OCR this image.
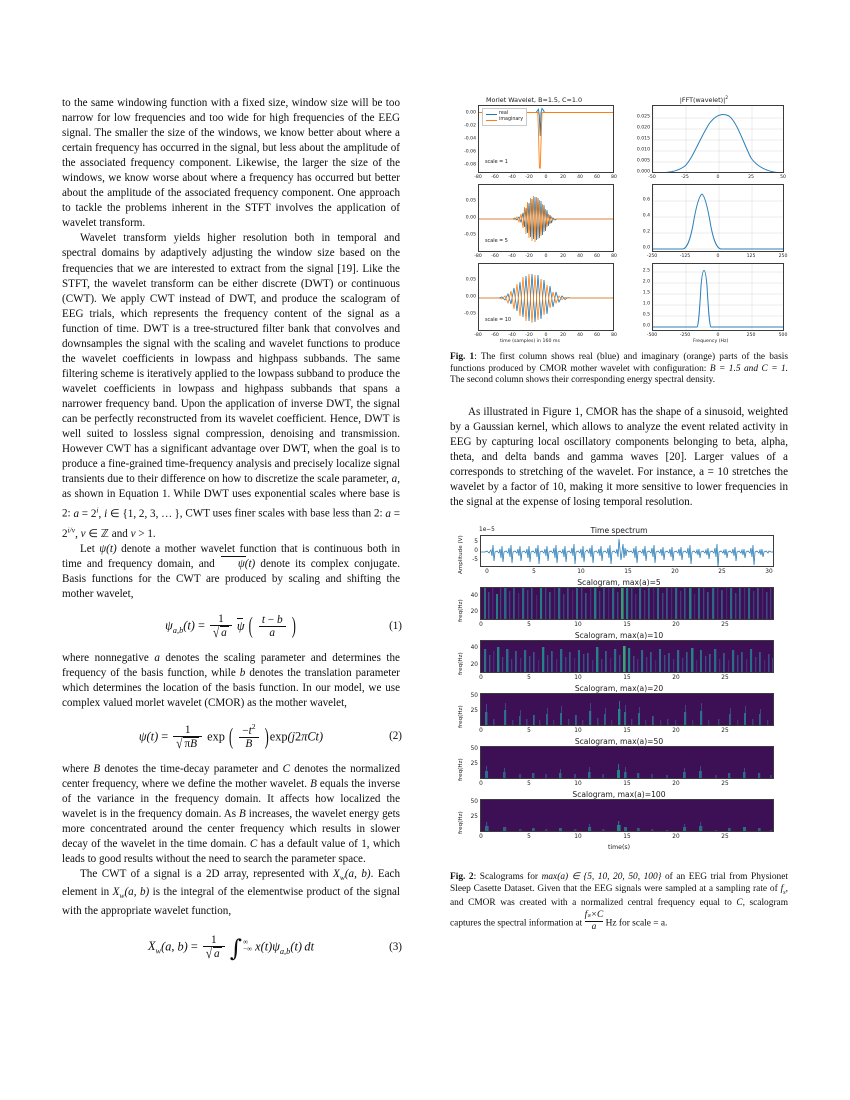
to the same windowing function with a fixed size, window size will be too narrow for low frequencies and too wide for high frequencies of the EEG signal. The smaller the size of the windows, we know better about where a certain frequency has occurred in the signal, but less about the amplitude of the associated frequency component. Likewise, the larger the size of the windows, we know worse about where a frequency has occurred but better about the amplitude of the associated frequency component. One approach to tackle the problems inherent in the STFT involves the application of wavelet transform.

Wavelet transform yields higher resolution both in temporal and spectral domains by adaptively adjusting the window size based on the frequencies that we are interested to extract from the signal [19]. Like the STFT, the wavelet transform can be either discrete (DWT) or continuous (CWT). We apply CWT instead of DWT, and produce the scalogram of EEG trials, which represents the frequency content of the signal as a function of time. DWT is a tree-structured filter bank that convolves and downsamples the signal with the scaling and wavelet functions to produce the wavelet coefficients in lowpass and highpass subbands. The same filtering scheme is iteratively applied to the lowpass subband to produce the wavelet coefficients in lowpass and highpass subbands that spans a narrower frequency band. Upon the application of inverse DWT, the signal can be perfectly reconstructed from its wavelet coefficient. Hence, DWT is well suited to lossless signal compression, denoising and transmission. However CWT has a significant advantage over DWT, when the goal is to produce a fine-grained time-frequency analysis and precisely localize signal transients due to their difference on how to discretize the scale parameter, a, as shown in Equation 1. While DWT uses exponential scales where base is 2: $a = 2^i$, i ∈ {1, 2, 3, … }, CWT uses finer scales with base less than 2: $a = 2^{i/v}$, v ∈ ℤ and v > 1.

Let ψ(t) denote a mother wavelet function that is continuous both in time and frequency domain, and ψ(t) denote its complex conjugate. Basis functions for the CWT are produced by scaling and shifting the mother wavelet,

$\psi_{a,b}(t) = \frac{1}{√ a}$ ψ ( $\frac{t - b}{a}$ )	(1)

where nonnegative a denotes the scaling parameter and determines the frequency of the basis function, while b denotes the translation parameter which determines the location of the basis function. In our model, we use complex valued morlet wavelet (CMOR) as the mother wavelet,

$\psi(t) = \frac{1}{√ \pi B}$ exp ( $\frac{-t^2}{B} )\exp(j2\pi Ct)$	(2)

where B denotes the time-decay parameter and C denotes the normalized center frequency, where we define the mother wavelet. B equals the inverse of the variance in the frequency domain. It affects how localized the wavelet is in the frequency domain. As B increases, the wavelet energy gets more concentrated around the center frequency which results in slower decay of the wavelet in the time domain. C has a default value of 1, which leads to good results without the need to search the parameter space.

The CWT of a signal is a 2D array, represented with $X_w(a$, b). Each element in $X_w(a$, b) is the integral of the elementwise product of the signal with the appropriate wavelet function,

$X_w(a$, $b) = \frac{1}{√ a}$ ∫ ∞
−∞ $x(t)\psi_{a,b}(t)$ dt	(3)
Morlet Wavelet, B=1.5, C=1.0	$|FFT(wavelet)|^2$
real
imaginary
scale = 1
0.00
-0.02
-0.04
-0.06
-0.08
-80 -60 -40 -20	0	20 40 60 80
scale = 5
0.05
0.00
-0.05
-80 -60 -40 -20	0	20 40 60 80
scale = 10
0.05
0.00
-0.05
-80 -60 -40 -20	0	20 40 60 80
time (samples) in 160 ms
0.000
0.005
0.010
0.015
0.020
0.025
-50	-25	0	25	50
0.0
0.2
0.4
0.6
-250	-125	0	125	250
0.0
0.5
1.0
1.5
2.0
2.5
-500	-250	0	250	500
Frequency (Hz)
Fig. 1: The first column shows real (blue) and imaginary (orange) parts of the basis functions produced by CMOR mother wavelet with configuration: B = 1.5 and C = 1. The second column shows their corresponding energy spectral density.

As illustrated in Figure 1, CMOR has the shape of a sinusoid, weighted by a Gaussian kernel, which allows to analyze the event related activity in EEG by capturing local oscillatory components belonging to beta, alpha, theta, and delta bands and gamma waves [20]. Larger values of a corresponds to stretching of the wavelet. For instance, a = 10 stretches the wavelet by a factor of 10, making it more sensitive to lower frequencies in the signal at the expense of losing temporal resolution.

Time spectrum
1e−5
Amplitude (V)	5
0
-5
0	5	10	15	20	25	30
Scalogram, max(a)=5
freq(Hz)
40
20
0	5	10	15	20	25
Scalogram, max(a)=10
freq(Hz)
40
20
0	5	10	15	20	25
Scalogram, max(a)=20
freq(Hz)
50
25
0	5	10	15	20	25
Scalogram, max(a)=50
freq(Hz)
50
25
0	5	10	15	20	25
Scalogram, max(a)=100
freq(Hz)
50
25
0	5	10	15	20	25
time(s)
Fig. 2: Scalograms for max(a) ∈ {5, 10, 20, 50, 100} of an EEG trial from Physionet Sleep Casette Dataset. Given that the EEG signals were sampled at a sampling rate of $f_s$, and CMOR was created with a normalized central frequency equal to C, scalogram captures the spectral information at $\frac{\text{fₛ×C}}{a}$ Hz for scale = a.
